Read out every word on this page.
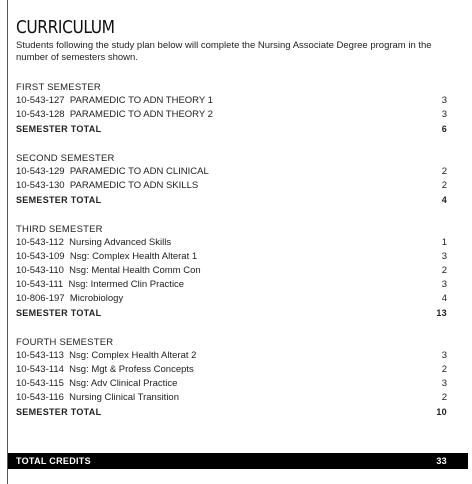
CURRICULUM
Students following the study plan below will complete the Nursing Associate Degree program in the number of semesters shown.
FIRST SEMESTER
10-543-127 PARAMEDIC TO ADN THEORY 1	3
10-543-128 PARAMEDIC TO ADN THEORY 2	3
SEMESTER TOTAL	6
SECOND SEMESTER
10-543-129 PARAMEDIC TO ADN CLINICAL	2
10-543-130 PARAMEDIC TO ADN SKILLS	2
SEMESTER TOTAL	4
THIRD SEMESTER
10-543-112 Nursing Advanced Skills	1
10-543-109 Nsg: Complex Health Alterat 1	3
10-543-110 Nsg: Mental Health Comm Con	2
10-543-111 Nsg: Intermed Clin Practice	3
10-806-197 Microbiology	4
SEMESTER TOTAL	13
FOURTH SEMESTER
10-543-113 Nsg: Complex Health Alterat 2	3
10-543-114 Nsg: Mgt & Profess Concepts	2
10-543-115 Nsg: Adv Clinical Practice	3
10-543-116 Nursing Clinical Transition	2
SEMESTER TOTAL	10
TOTAL CREDITS	33
